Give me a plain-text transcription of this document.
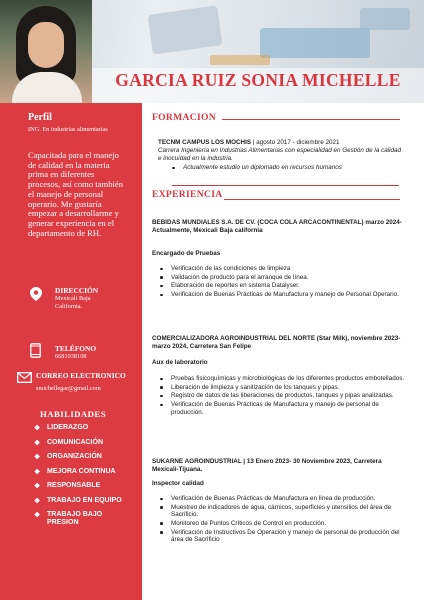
GARCIA RUIZ SONIA MICHELLE
Perfil
ING. En industrias alimentarias
Capacitada para el manejo de calidad en la materia prima en diferentes procesos, así como también el manejo de personal operario. Me gustaría empezar a desarrollarme y generar experiencia en el departamento de RH.
DIRECCIÓN
Mexicali Baja California.
TELÉFONO
6681938108
CORREO ELECTRONICO
smichellegar@gmail.com
HABILIDADES
❖ LIDERAZGO
❖ COMUNICACIÓN
❖ ORGANIZACIÓN
❖ MEJORA CONTINUA
❖ RESPONSABLE
❖ TRABAJO EN EQUIPO
❖ TRABAJO BAJO PRESION
FORMACION
TECNM CAMPUS LOS MOCHIS | agosto 2017 - diciembre 2021
Carrera Ingeniería en Industrias Alimentarias con especialidad en Gestión de la calidad e inocuidad en la industria.
Actualmente estudio un diplomado en recursos humanos
EXPERIENCIA
BEBIDAS MUNDIALES S.A. DE CV. (COCA COLA ARCACONTINENTAL) marzo 2024- Actualmente, Mexicali Baja california
Encargado de Pruebas
Verificación de las condiciones de limpieza
Validación de producto para el arranque de línea.
Elaboración de reportes en sistema Datalyser.
Verificación de Buenas Prácticas de Manufactura y manejo de Personal Operario.
COMERCIALIZADORA AGROINDUSTRIAL DEL NORTE (Star Milk), noviembre 2023- marzo 2024, Carretera San Felipe
Aux de laboratorio
Pruebas fisicoquímicas y microbiológicas de los diferentes productos embotellados.
Liberación de limpieza y sanitización de los tanques y pipas.
Registro de datos de las liberaciones de productos, tanques y pipas analizadas.
Verificación de Buenas Prácticas de Manufactura y manejo de personal de producción.
SUKARNE AGROINDUSTRIAL | 13 Enero 2023- 30 Noviembre 2023, Carretera Mexicali-Tijuana.
Inspector calidad
Verificación de Buenas Prácticas de Manufactura en línea de producción.
Muestreo de indicadores de agua, cárnicos, superficies y utensilios del área de Sacrificio.
Monitoreo de Puntos Críticos de Control en producción.
Verificación de Instructivos De Operación y manejo de personal de producción del área de Sacrificio
